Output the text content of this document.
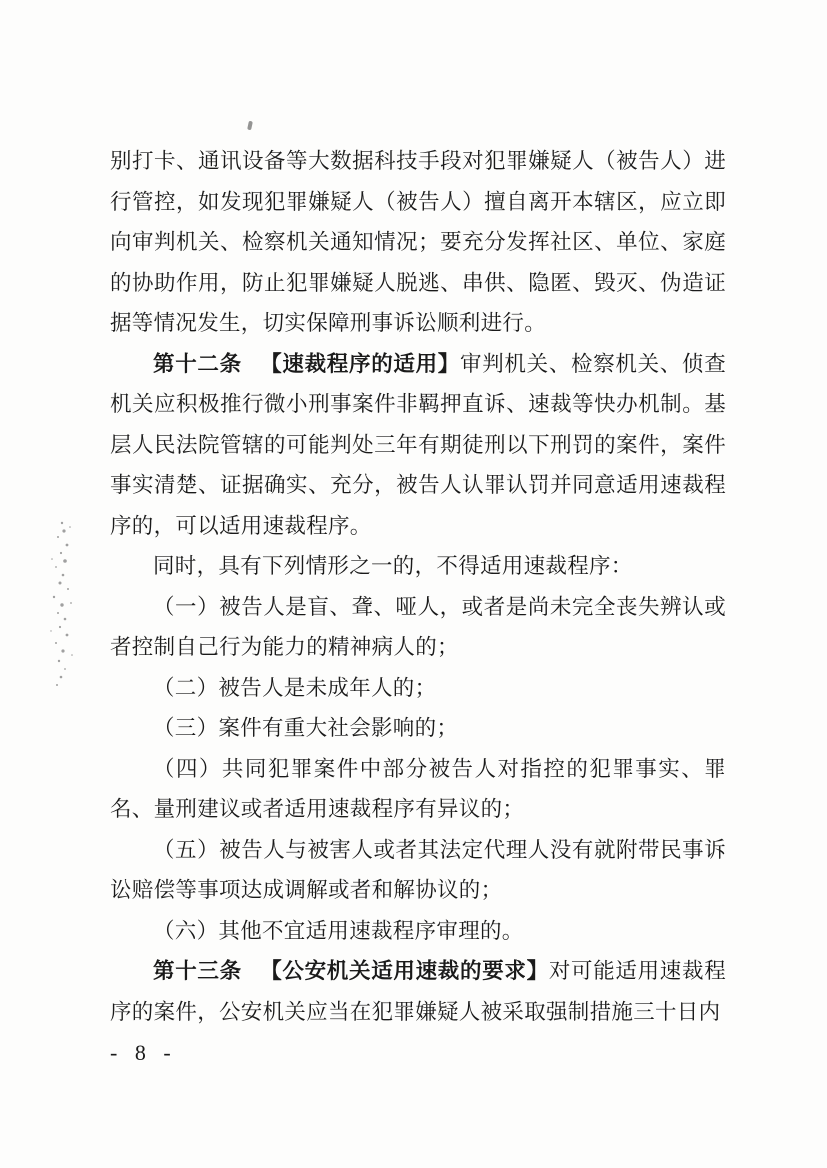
别打卡、通讯设备等大数据科技手段对犯罪嫌疑人（被告人）进行管控，如发现犯罪嫌疑人（被告人）擅自离开本辖区，应立即向审判机关、检察机关通知情况；要充分发挥社区、单位、家庭的协助作用，防止犯罪嫌疑人脱逃、串供、隐匿、毁灭、伪造证据等情况发生，切实保障刑事诉讼顺利进行。

第十二条 【速裁程序的适用】审判机关、检察机关、侦查机关应积极推行微小刑事案件非羁押直诉、速裁等快办机制。基层人民法院管辖的可能判处三年有期徒刑以下刑罚的案件，案件事实清楚、证据确实、充分，被告人认罪认罚并同意适用速裁程序的，可以适用速裁程序。

同时，具有下列情形之一的，不得适用速裁程序：

（一）被告人是盲、聋、哑人，或者是尚未完全丧失辨认或者控制自己行为能力的精神病人的；

（二）被告人是未成年人的；

（三）案件有重大社会影响的；

（四）共同犯罪案件中部分被告人对指控的犯罪事实、罪名、量刑建议或者适用速裁程序有异议的；

（五）被告人与被害人或者其法定代理人没有就附带民事诉讼赔偿等事项达成调解或者和解协议的；

（六）其他不宜适用速裁程序审理的。

第十三条 【公安机关适用速裁的要求】对可能适用速裁程序的案件，公安机关应当在犯罪嫌疑人被采取强制措施三十日内

- 8 -
